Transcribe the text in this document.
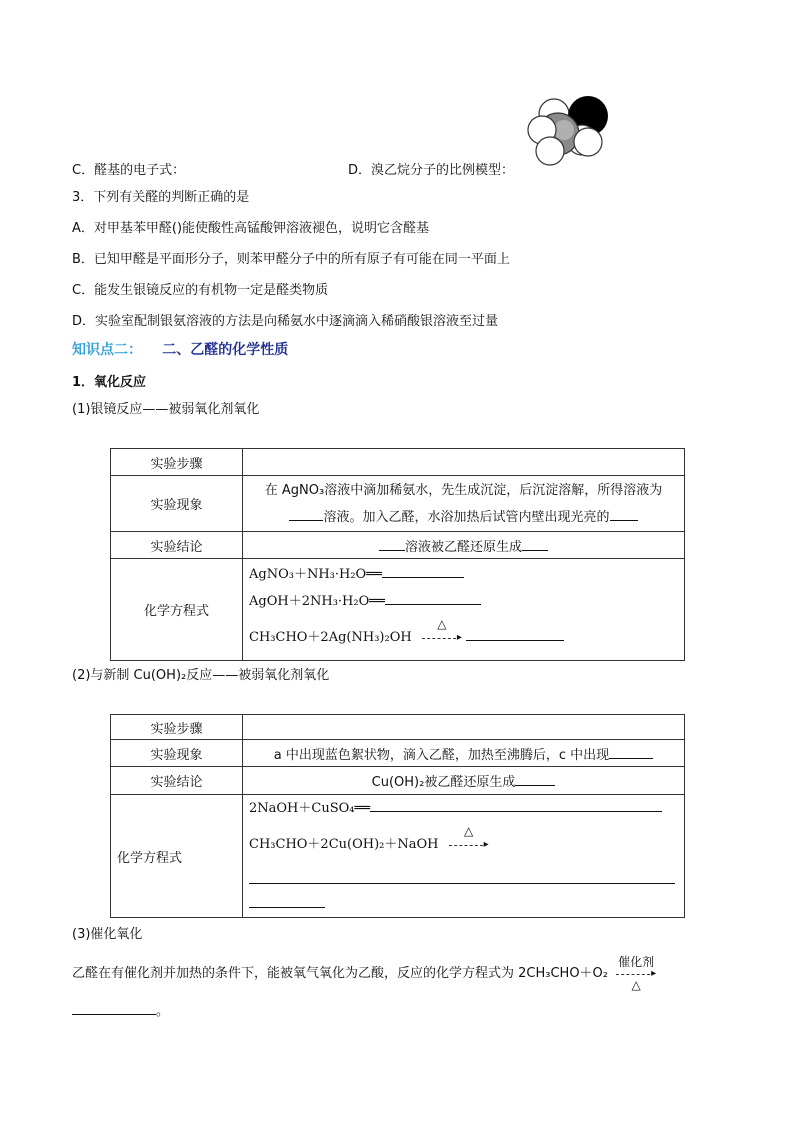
C．醛基的电子式：	D．溴乙烷分子的比例模型：
3．下列有关醛的判断正确的是
A．对甲基苯甲醛()能使酸性高锰酸钾溶液褪色，说明它含醛基
B．已知甲醛是平面形分子，则苯甲醛分子中的所有原子有可能在同一平面上
C．能发生银镜反应的有机物一定是醛类物质
D．实验室配制银氨溶液的方法是向稀氨水中逐滴滴入稀硝酸银溶液至过量
知识点二： 二、乙醛的化学性质
1．氧化反应
(1)银镜反应——被弱氧化剂氧化
实验步骤	
实验现象	在 AgNO₃溶液中滴加稀氨水，先生成沉淀，后沉淀溶解，所得溶液为
溶液。加入乙醛，水浴加热后试管内壁出现光亮的

实验结论	溶液被乙醛还原生成
化学方程式	AgNO₃＋NH₃·H₂O══
AgOH＋2NH₃·H₂O══
CH₃CHO＋2Ag(NH₃)₂OH
△
▸

(2)与新制 Cu(OH)₂反应——被弱氧化剂氧化
实验步骤	
实验现象	a 中出现蓝色絮状物，滴入乙醛，加热至沸腾后，c 中出现
实验结论	Cu(OH)₂被乙醛还原生成
化学方程式	2NaOH＋CuSO₄══
CH₃CHO＋2Cu(OH)₂＋NaOH
△
▸
(3)催化氧化
乙醛在有催化剂并加热的条件下，能被氧气氧化为乙酸，反应的化学方程式为 2CH₃CHO＋O₂
催化剂
▸
△
。
